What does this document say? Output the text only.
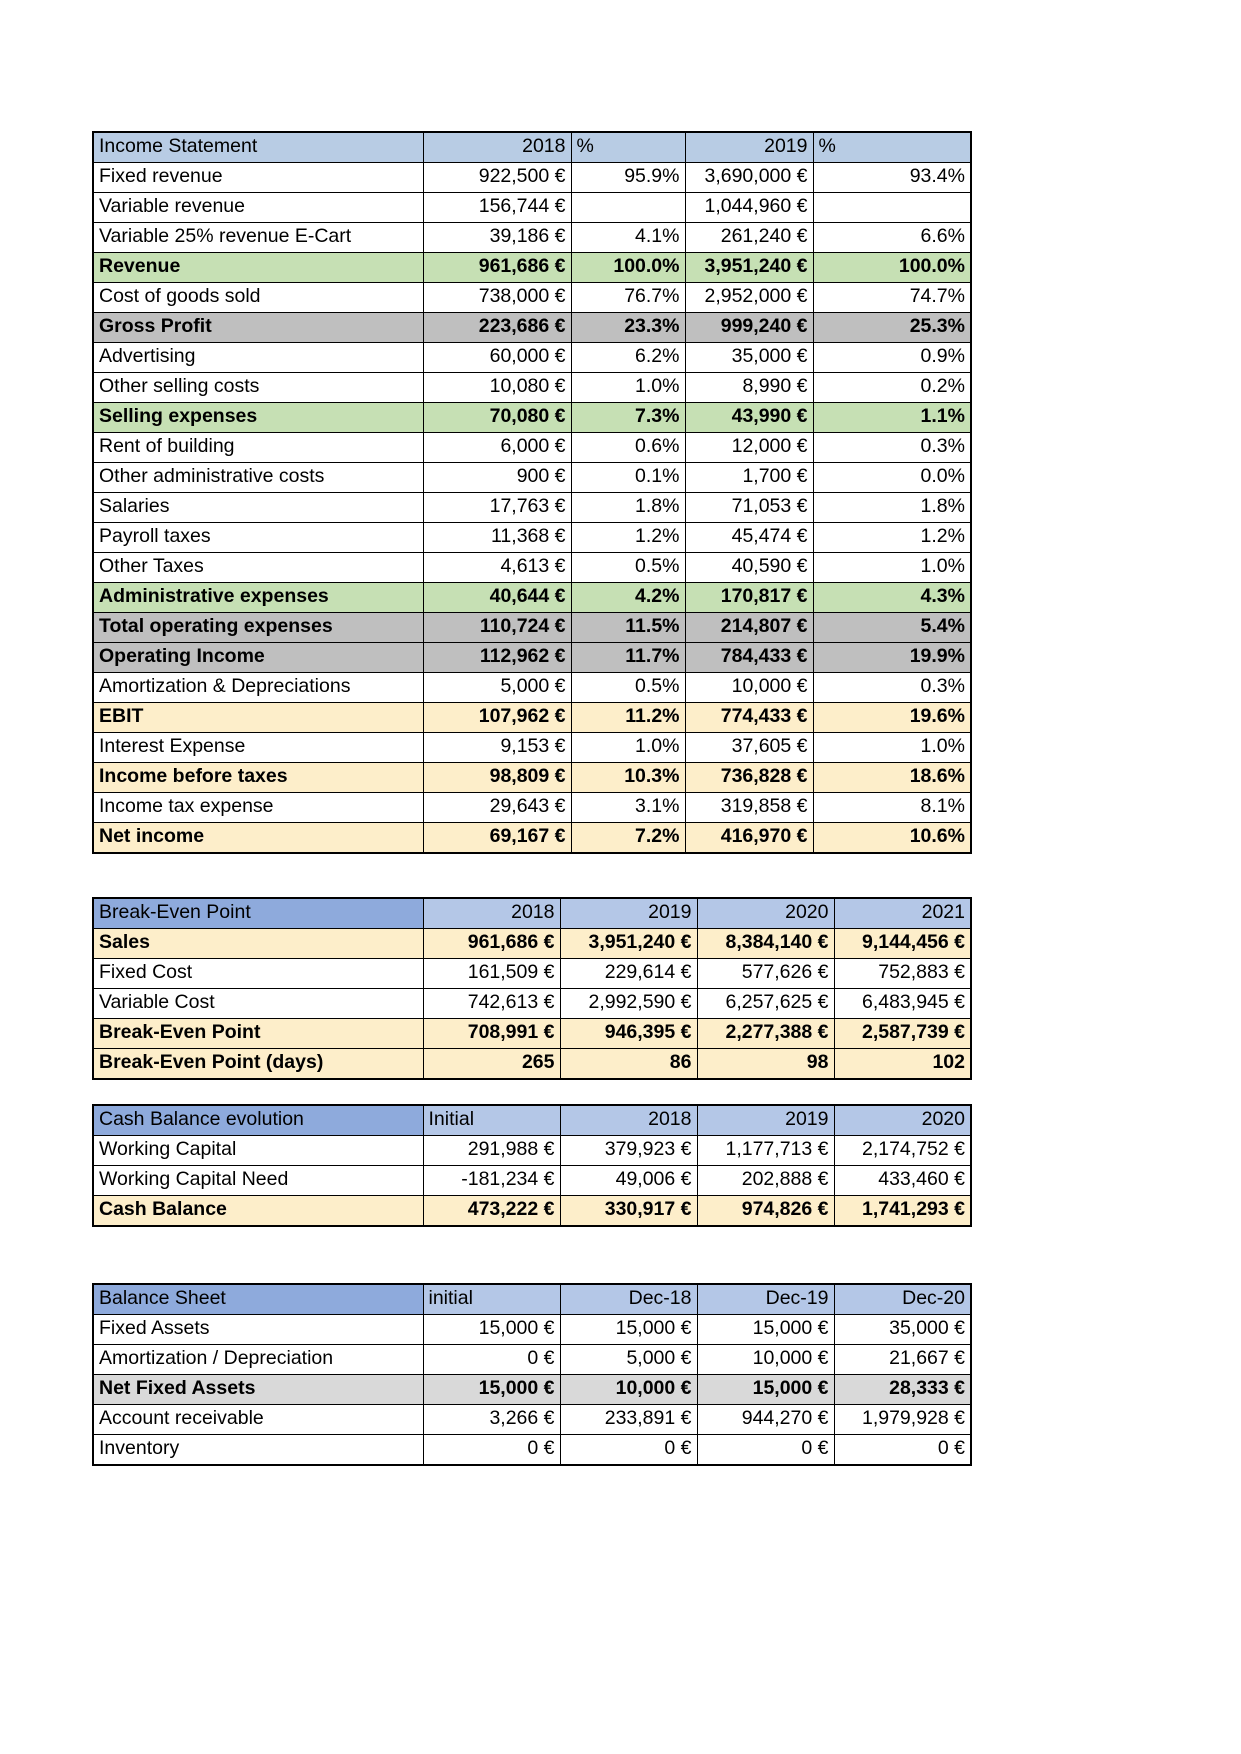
Income Statement	2018	%	2019	%
Fixed revenue	922,500 €	95.9%	3,690,000 €	93.4%
Variable revenue	156,744 €		1,044,960 €	
Variable 25% revenue E-Cart	39,186 €	4.1%	261,240 €	6.6%
Revenue	961,686 €	100.0%	3,951,240 €	100.0%
Cost of goods sold	738,000 €	76.7%	2,952,000 €	74.7%
Gross Profit	223,686 €	23.3%	999,240 €	25.3%
Advertising	60,000 €	6.2%	35,000 €	0.9%
Other selling costs	10,080 €	1.0%	8,990 €	0.2%
Selling expenses	70,080 €	7.3%	43,990 €	1.1%
Rent of building	6,000 €	0.6%	12,000 €	0.3%
Other administrative costs	900 €	0.1%	1,700 €	0.0%
Salaries	17,763 €	1.8%	71,053 €	1.8%
Payroll taxes	11,368 €	1.2%	45,474 €	1.2%
Other Taxes	4,613 €	0.5%	40,590 €	1.0%
Administrative expenses	40,644 €	4.2%	170,817 €	4.3%
Total operating expenses	110,724 €	11.5%	214,807 €	5.4%
Operating Income	112,962 €	11.7%	784,433 €	19.9%
Amortization & Depreciations	5,000 €	0.5%	10,000 €	0.3%
EBIT	107,962 €	11.2%	774,433 €	19.6%
Interest Expense	9,153 €	1.0%	37,605 €	1.0%
Income before taxes	98,809 €	10.3%	736,828 €	18.6%
Income tax expense	29,643 €	3.1%	319,858 €	8.1%
Net income	69,167 €	7.2%	416,970 €	10.6%
Break-Even Point	2018	2019	2020	2021
Sales	961,686 €	3,951,240 €	8,384,140 €	9,144,456 €
Fixed Cost	161,509 €	229,614 €	577,626 €	752,883 €
Variable Cost	742,613 €	2,992,590 €	6,257,625 €	6,483,945 €
Break-Even Point	708,991 €	946,395 €	2,277,388 €	2,587,739 €
Break-Even Point (days)	265	86	98	102
Cash Balance evolution	Initial	2018	2019	2020
Working Capital	291,988 €	379,923 €	1,177,713 €	2,174,752 €
Working Capital Need	-181,234 €	49,006 €	202,888 €	433,460 €
Cash Balance	473,222 €	330,917 €	974,826 €	1,741,293 €
Balance Sheet	initial	Dec-18	Dec-19	Dec-20
Fixed Assets	15,000 €	15,000 €	15,000 €	35,000 €
Amortization / Depreciation	0 €	5,000 €	10,000 €	21,667 €
Net Fixed Assets	15,000 €	10,000 €	15,000 €	28,333 €
Account receivable	3,266 €	233,891 €	944,270 €	1,979,928 €
Inventory	0 €	0 €	0 €	0 €
